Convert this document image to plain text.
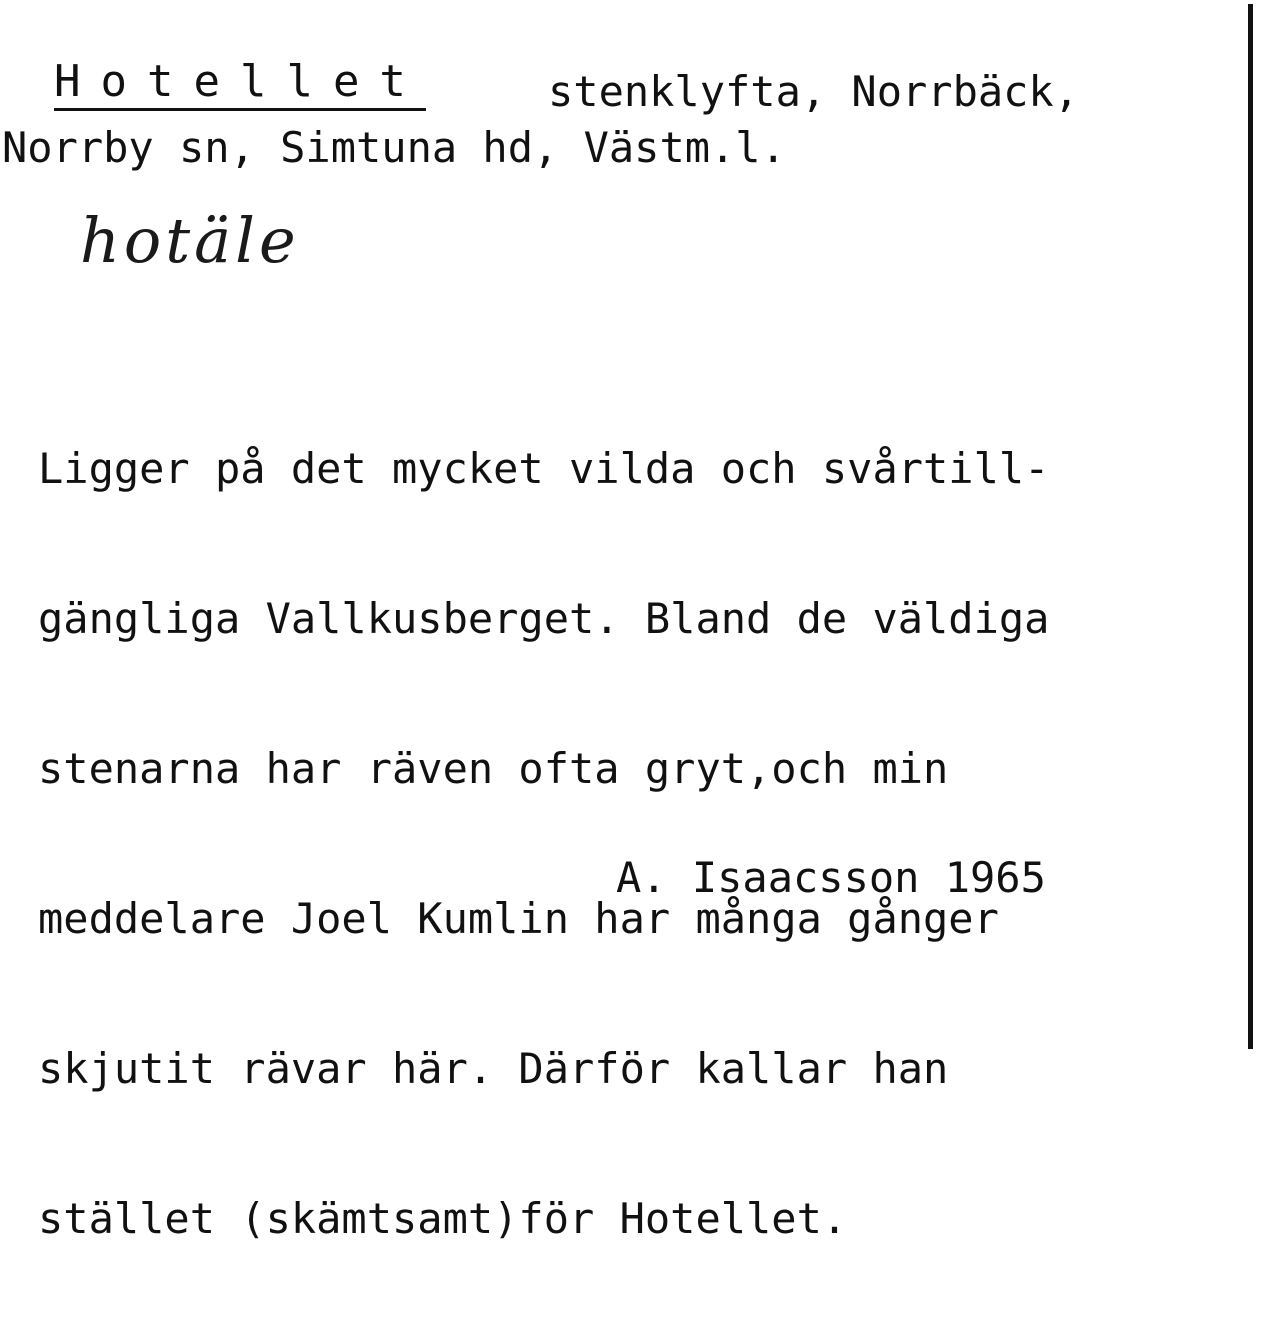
Hotellet	stenklyfta, Norrbäck,
Norrby sn, Simtuna hd, Västm.l.
hotäle

Ligger på det mycket vilda och svårtill-

gängliga Vallkusberget. Bland de väldiga

stenarna har räven ofta gryt,och min

meddelare Joel Kumlin har många gånger

skjutit rävar här. Därför kallar han

stället (skämtsamt)för Hotellet.

A. Isaacsson 1965
